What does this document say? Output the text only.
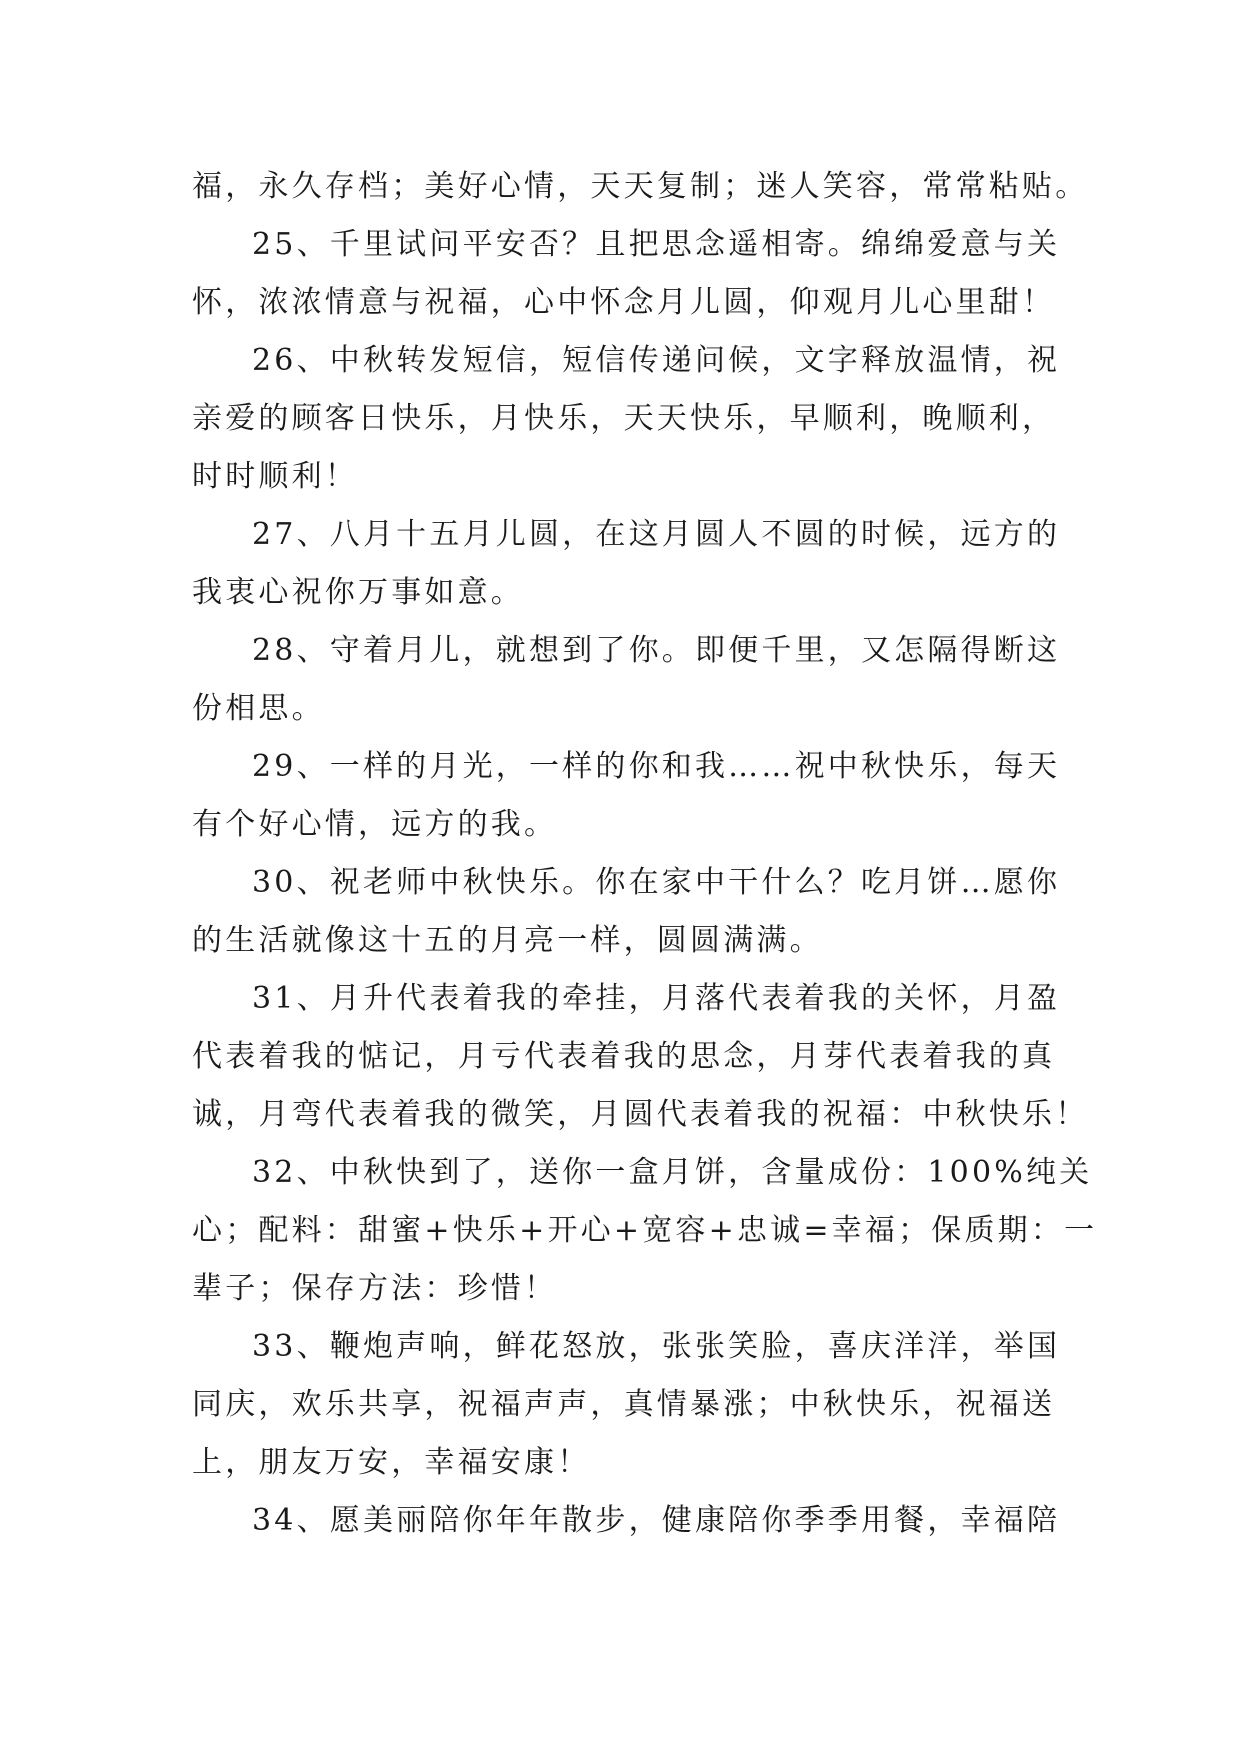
福，永久存档；美好心情，天天复制；迷人笑容，常常粘贴。
25、千里试问平安否？且把思念遥相寄。绵绵爱意与关
怀，浓浓情意与祝福，心中怀念月儿圆，仰观月儿心里甜！
26、中秋转发短信，短信传递问候，文字释放温情，祝
亲爱的顾客日快乐，月快乐，天天快乐，早顺利，晚顺利，
时时顺利！
27、八月十五月儿圆，在这月圆人不圆的时候，远方的
我衷心祝你万事如意。
28、守着月儿，就想到了你。即便千里，又怎隔得断这
份相思。
29、一样的月光，一样的你和我……祝中秋快乐，每天
有个好心情，远方的我。
30、祝老师中秋快乐。你在家中干什么？吃月饼…愿你
的生活就像这十五的月亮一样，圆圆满满。
31、月升代表着我的牵挂，月落代表着我的关怀，月盈
代表着我的惦记，月亏代表着我的思念，月芽代表着我的真
诚，月弯代表着我的微笑，月圆代表着我的祝福：中秋快乐！
32、中秋快到了，送你一盒月饼，含量成份：100%纯关
心；配料：甜蜜+快乐+开心+宽容+忠诚=幸福；保质期：一
辈子；保存方法：珍惜！
33、鞭炮声响，鲜花怒放，张张笑脸，喜庆洋洋，举国
同庆，欢乐共享，祝福声声，真情暴涨；中秋快乐，祝福送
上，朋友万安，幸福安康！
34、愿美丽陪你年年散步，健康陪你季季用餐，幸福陪
